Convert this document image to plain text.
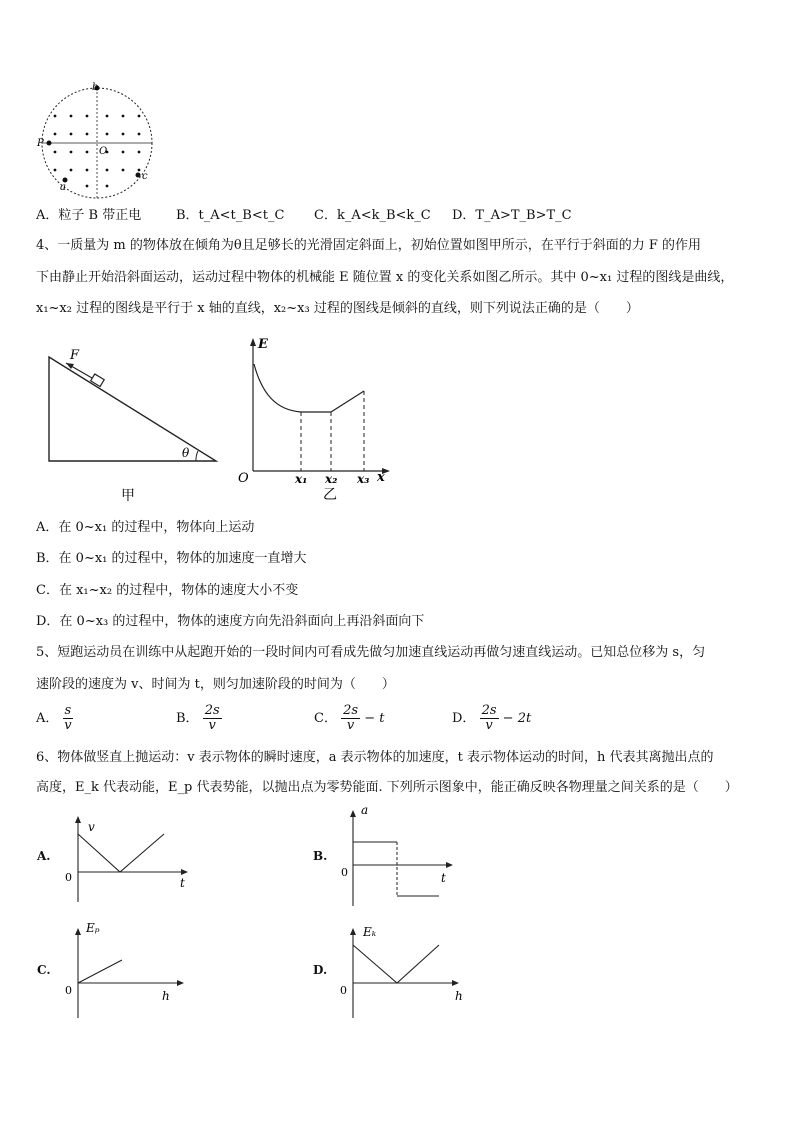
b
P
O
a
c
A．粒子 B 带正电	B．t_A<t_B<t_C C．k_A<k_B<k_C D．T_A>T_B>T_C
4、一质量为 m 的物体放在倾角为θ且足够长的光滑固定斜面上，初始位置如图甲所示，在平行于斜面的力 F 的作用
下由静止开始沿斜面运动，运动过程中物体的机械能 E 随位置 x 的变化关系如图乙所示。其中 0~x₁ 过程的图线是曲线，
x₁~x₂ 过程的图线是平行于 x 轴的直线，x₂~x₃ 过程的图线是倾斜的直线，则下列说法正确的是（　　）
F
θ
甲
E
O	x₁ x₂ x₃ x
乙
A．在 0~x₁ 的过程中，物体向上运动
B．在 0~x₁ 的过程中，物体的加速度一直增大
C．在 x₁~x₂ 的过程中，物体的速度大小不变
D．在 0~x₃ 的过程中，物体的速度方向先沿斜面向上再沿斜面向下
5、短跑运动员在训练中从起跑开始的一段时间内可看成先做匀加速直线运动再做匀速直线运动。已知总位移为 s，匀
速阶段的速度为 v、时间为 t，则匀加速阶段的时间为（　　）
A． $\frac{s}{v}$	B． $\frac{2s}{v}$	C． $\frac{2s}{v} - t$	D． $\frac{2s}{v} - 2t$
6、物体做竖直上抛运动：v 表示物体的瞬时速度，a 表示物体的加速度，t 表示物体运动的时间，h 代表其离抛出点的
高度，E_k 代表动能，E_p 代表势能，以抛出点为零势能面. 下列所示图象中，能正确反映各物理量之间关系的是（　　）
A.
v
0	t
B.
a
0	t
C.
Eₚ
0	h
D.
Eₖ
0	h
